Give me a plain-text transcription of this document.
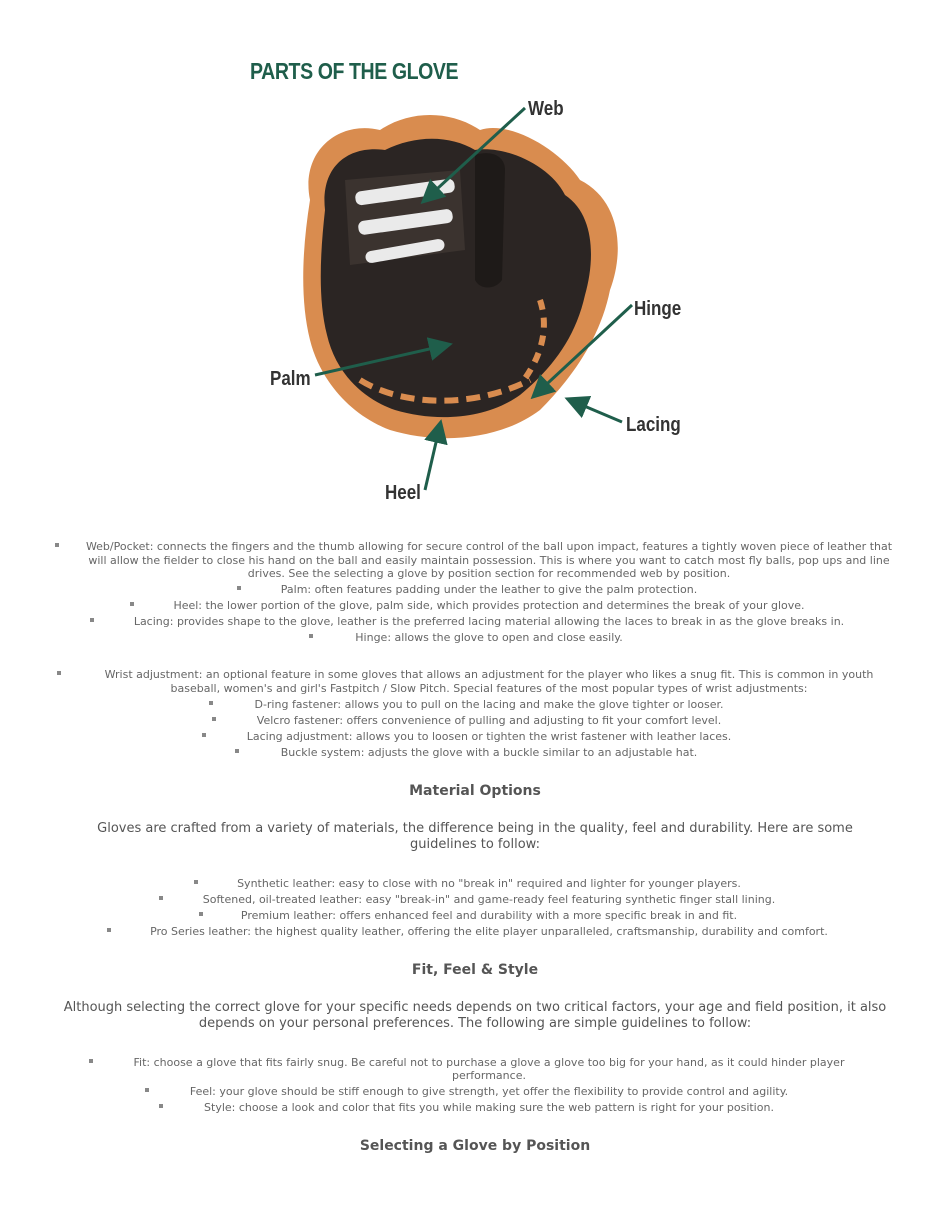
PARTS OF THE GLOVE
Web
Hinge
Palm
Lacing
Heel
Web/Pocket: connects the fingers and the thumb allowing for secure control of the ball upon impact, features a tightly woven piece of leather that will allow the fielder to close his hand on the ball and easily maintain possession. This is where you want to catch most fly balls, pop ups and line drives. See the selecting a glove by position section for recommended web by position.
Palm: often features padding under the leather to give the palm protection.
Heel: the lower portion of the glove, palm side, which provides protection and determines the break of your glove.
Lacing: provides shape to the glove, leather is the preferred lacing material allowing the laces to break in as the glove breaks in.
Hinge: allows the glove to open and close easily.
Wrist adjustment: an optional feature in some gloves that allows an adjustment for the player who likes a snug fit. This is common in youth baseball, women's and girl's Fastpitch / Slow Pitch. Special features of the most popular types of wrist adjustments:
D-ring fastener: allows you to pull on the lacing and make the glove tighter or looser.
Velcro fastener: offers convenience of pulling and adjusting to fit your comfort level.
Lacing adjustment: allows you to loosen or tighten the wrist fastener with leather laces.
Buckle system: adjusts the glove with a buckle similar to an adjustable hat.
Material Options

Gloves are crafted from a variety of materials, the difference being in the quality, feel and durability. Here are some guidelines to follow:

Synthetic leather: easy to close with no "break in" required and lighter for younger players.
Softened, oil-treated leather: easy "break-in" and game-ready feel featuring synthetic finger stall lining.
Premium leather: offers enhanced feel and durability with a more specific break in and fit.
Pro Series leather: the highest quality leather, offering the elite player unparalleled, craftsmanship, durability and comfort.
Fit, Feel & Style

Although selecting the correct glove for your specific needs depends on two critical factors, your age and field position, it also depends on your personal preferences. The following are simple guidelines to follow:

Fit: choose a glove that fits fairly snug. Be careful not to purchase a glove a glove too big for your hand, as it could hinder player performance.
Feel: your glove should be stiff enough to give strength, yet offer the flexibility to provide control and agility.
Style: choose a look and color that fits you while making sure the web pattern is right for your position.
Selecting a Glove by Position
